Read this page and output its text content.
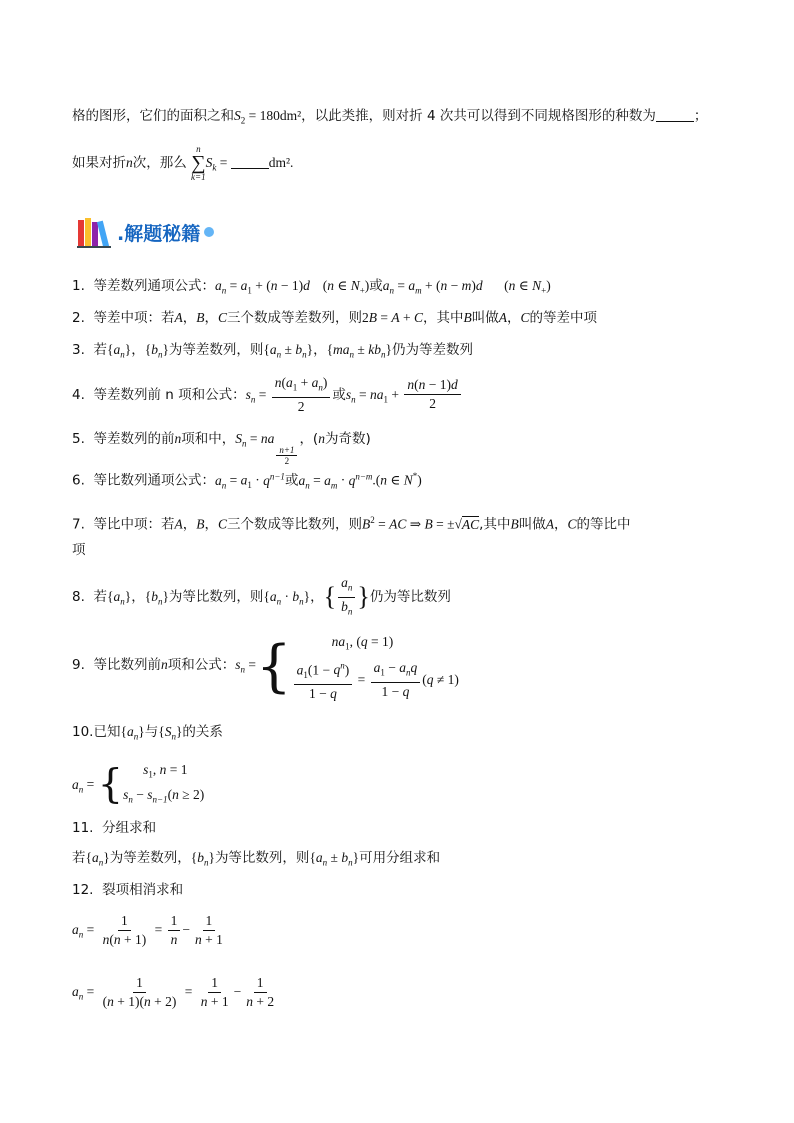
格的图形，它们的面积之和$S_2 = 180dm^2$，以此类推，则对折 4 次共可以得到不同规格图形的种数为	；
如果对折n次，那么
n
∑
k=1
$S_k$ =	dm².
.解题秘籍
1. 等差数列通项公式：$a_n = a_1 + (n - 1)d$ (n ∈ $N_+$)或$a_n = a_m + (n - m)d$ (n ∈ $N_+$)
2. 等差中项：若A，B，C三个数成等差数列，则2B = A + C，其中B叫做A，C的等差中项
3. 若$\{a_n\}$，$\{b_n\}$为等差数列，则$\{a_n \pm b_n\}$，$\{ma_n \pm kb_n\}$仍为等差数列
4. 等差数列前 n 项和公式：$s_n = \frac{n(a_1 + a_n)}{2}$ 或$s_n = na_1 + \frac{n(n - 1)d}{2}$
5. 等差数列的前n项和中，$S_n$ = na
$\frac{n+1}{2}$
，(n为奇数)
6. 等比数列通项公式：$a_n = a_1 \cdot q^{n-1}$或$a_n = a_m \cdot q^{n-m}.(n$ ∈ N*)
7. 等比中项：若A，B，C三个数成等比数列，则$B^2$ = AC ⇒ B = ±√AC,其中B叫做A，C的等比中
项
8. 若$\{a_n\}$，$\{b_n\}$为等比数列，则$\{a_n \cdot b_n\}$，{ $\frac{a_n}{b_n}$ }仍为等比数列
9. 等比数列前n项和公式：$s_n$ ={	$na_1$, (q = 1)
$\frac{a_1(1 - q^n)}{1 - q} = \frac{a_1 - a_nq}{1 - q} (q \ne 1)$
10.已知$\{a_n\}$与$\{S_n\}$的关系
$a_n$ = {	$s_1$, n = 1
$s_n - s_{n-1}(n \ge 2)$
11. 分组求和
若$\{a_n\}$为等差数列，$\{b_n\}$为等比数列，则$\{a_n \pm b_n\}$可用分组求和
12. 裂项相消求和
$a_n = \frac{1}{n(n + 1)} = \frac{1}{n} - \frac{1}{n + 1}$
$a_n = \frac{1}{(n + 1)(n + 2)} = \frac{1}{n + 1} - \frac{1}{n + 2}$
